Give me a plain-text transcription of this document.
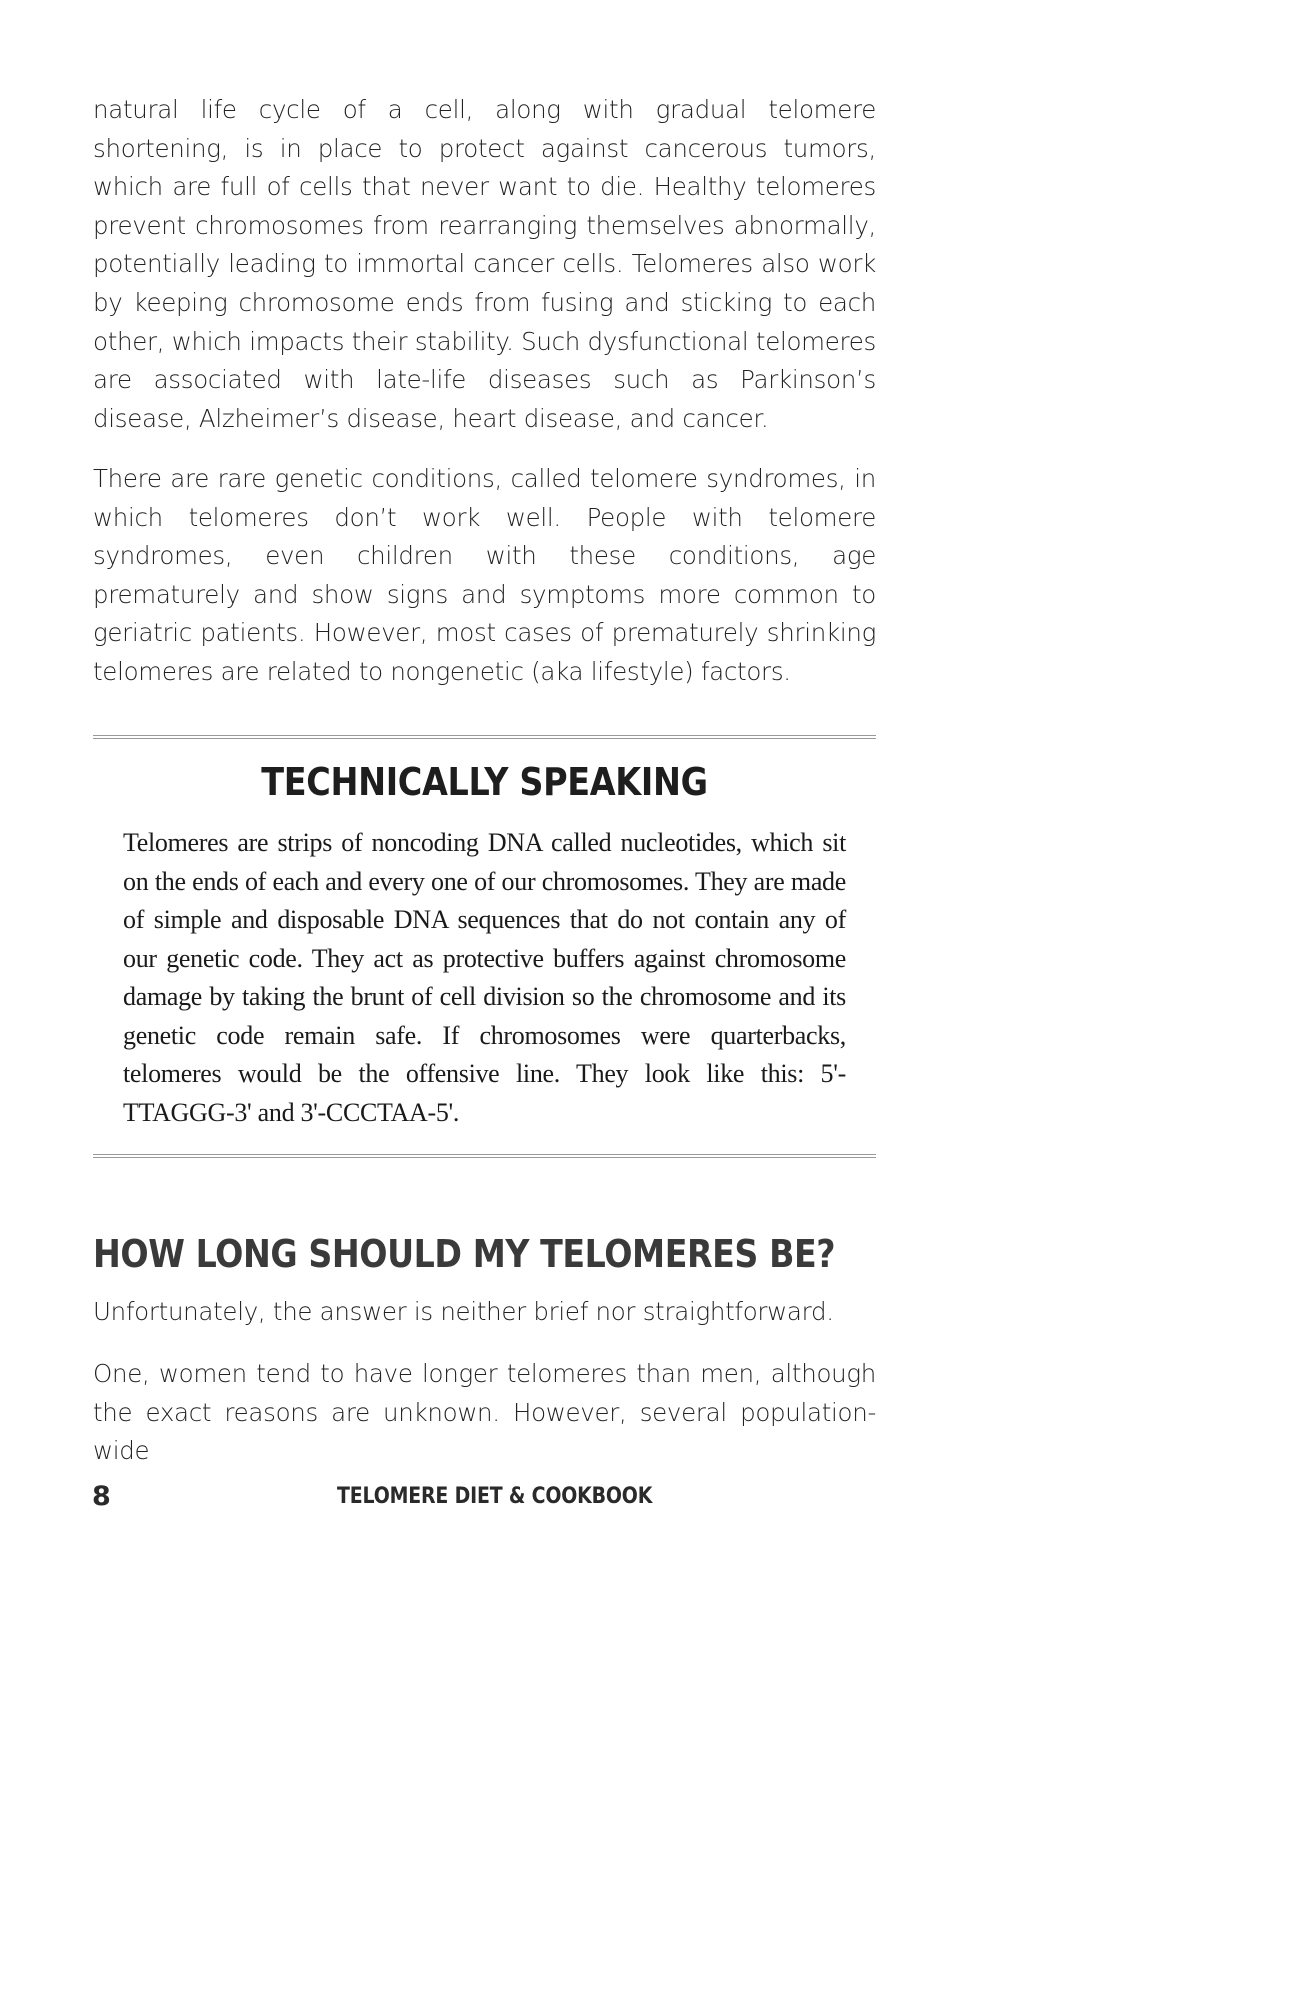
natural life cycle of a cell, along with gradual telomere shortening, is in place to protect against cancerous tumors, which are full of cells that never want to die. Healthy telomeres prevent chromosomes from rearranging themselves abnormally, potentially leading to immortal cancer cells. Telomeres also work by keeping chromosome ends from fusing and sticking to each other, which impacts their stability. Such dysfunctional telomeres are associated with late-life diseases such as Parkinson’s disease, Alzheimer’s disease, heart disease, and cancer.

There are rare genetic conditions, called telomere syndromes, in which telomeres don’t work well. People with telomere syndromes, even children with these conditions, age prematurely and show signs and symptoms more common to geriatric patients. However, most cases of prematurely shrinking telomeres are related to nongenetic (aka lifestyle) factors.

TECHNICALLY SPEAKING

Telomeres are strips of noncoding DNA called nucleotides, which sit on the ends of each and every one of our chromosomes. They are made of simple and disposable DNA sequences that do not contain any of our genetic code. They act as protective buffers against chromosome damage by taking the brunt of cell division so the chromosome and its genetic code remain safe. If chromosomes were quarterbacks, telomeres would be the offensive line. They look like this: 5'-TTAGGG-3' and 3'-CCCTAA-5'.

HOW LONG SHOULD MY TELOMERES BE?

Unfortunately, the answer is neither brief nor straightforward.

One, women tend to have longer telomeres than men, although the exact reasons are unknown. However, several population-wide

8	TELOMERE DIET & COOKBOOK
